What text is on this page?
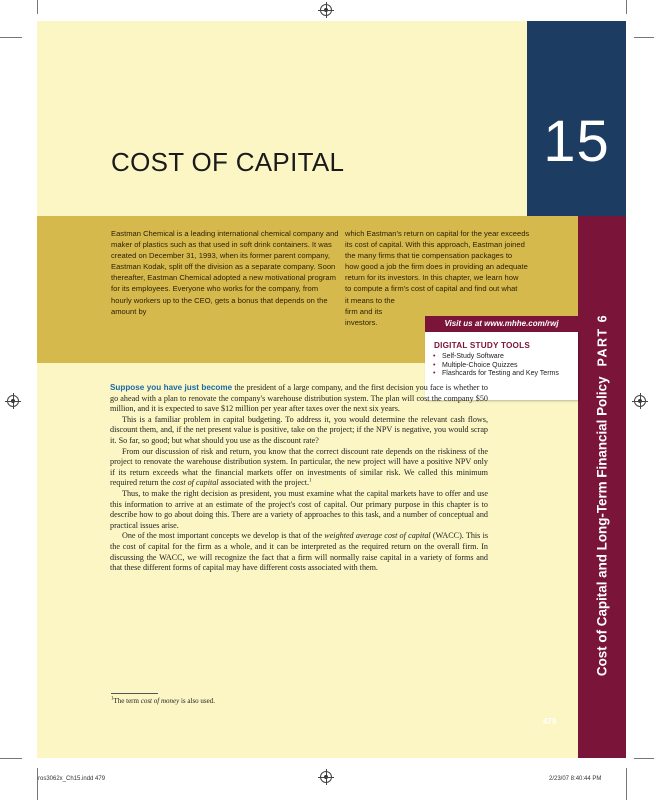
15
COST OF CAPITAL

Eastman Chemical is a leading international chemical company and maker of plastics such as that used in soft drink containers. It was created on December 31, 1993, when its former parent company, Eastman Kodak, split off the division as a separate company. Soon thereafter, Eastman Chemical adopted a new motivational program for its employees. Everyone who works for the company, from hourly workers up to the CEO, gets a bonus that depends on the amount by

which Eastman's return on capital for the year exceeds
its cost of capital. With this approach, Eastman joined
the many firms that tie compensation packages to
how good a job the firm does in providing an adequate
return for its investors. In this chapter, we learn how
to compute a firm's cost of capital and find out what
it means to the
firm and its
investors.	Visit us at www.mhhe.com/rwj
DIGITAL STUDY TOOLS
• Self-Study Software
• Multiple-Choice Quizzes
• Flashcards for Testing and Key Terms
Cost of Capital and Long-Term Financial PolicyPART 6

Suppose you have just become the president of a large company, and the first decision you face is whether to go ahead with a plan to renovate the company's warehouse distribution system. The plan will cost the company $50 million, and it is expected to save $12 million per year after taxes over the next six years.

This is a familiar problem in capital budgeting. To address it, you would determine the relevant cash flows, discount them, and, if the net present value is positive, take on the project; if the NPV is negative, you would scrap it. So far, so good; but what should you use as the discount rate?

From our discussion of risk and return, you know that the correct discount rate depends on the riskiness of the project to renovate the warehouse distribution system. In particular, the new project will have a positive NPV only if its return exceeds what the financial markets offer on investments of similar risk. We called this minimum required return the cost of capital associated with the project.$^1$

Thus, to make the right decision as president, you must examine what the capital markets have to offer and use this information to arrive at an estimate of the project's cost of capital. Our primary purpose in this chapter is to describe how to go about doing this. There are a variety of approaches to this task, and a number of conceptual and practical issues arise.

One of the most important concepts we develop is that of the weighted average cost of capital (WACC). This is the cost of capital for the firm as a whole, and it can be interpreted as the required return on the overall firm. In discussing the WACC, we will recognize the fact that a firm will normally raise capital in a variety of forms and that these different forms of capital may have different costs associated with them.

$^1$The term cost of money is also used.
479
ros3062x_Ch15.indd 479	2/23/07 8:40:44 PM
